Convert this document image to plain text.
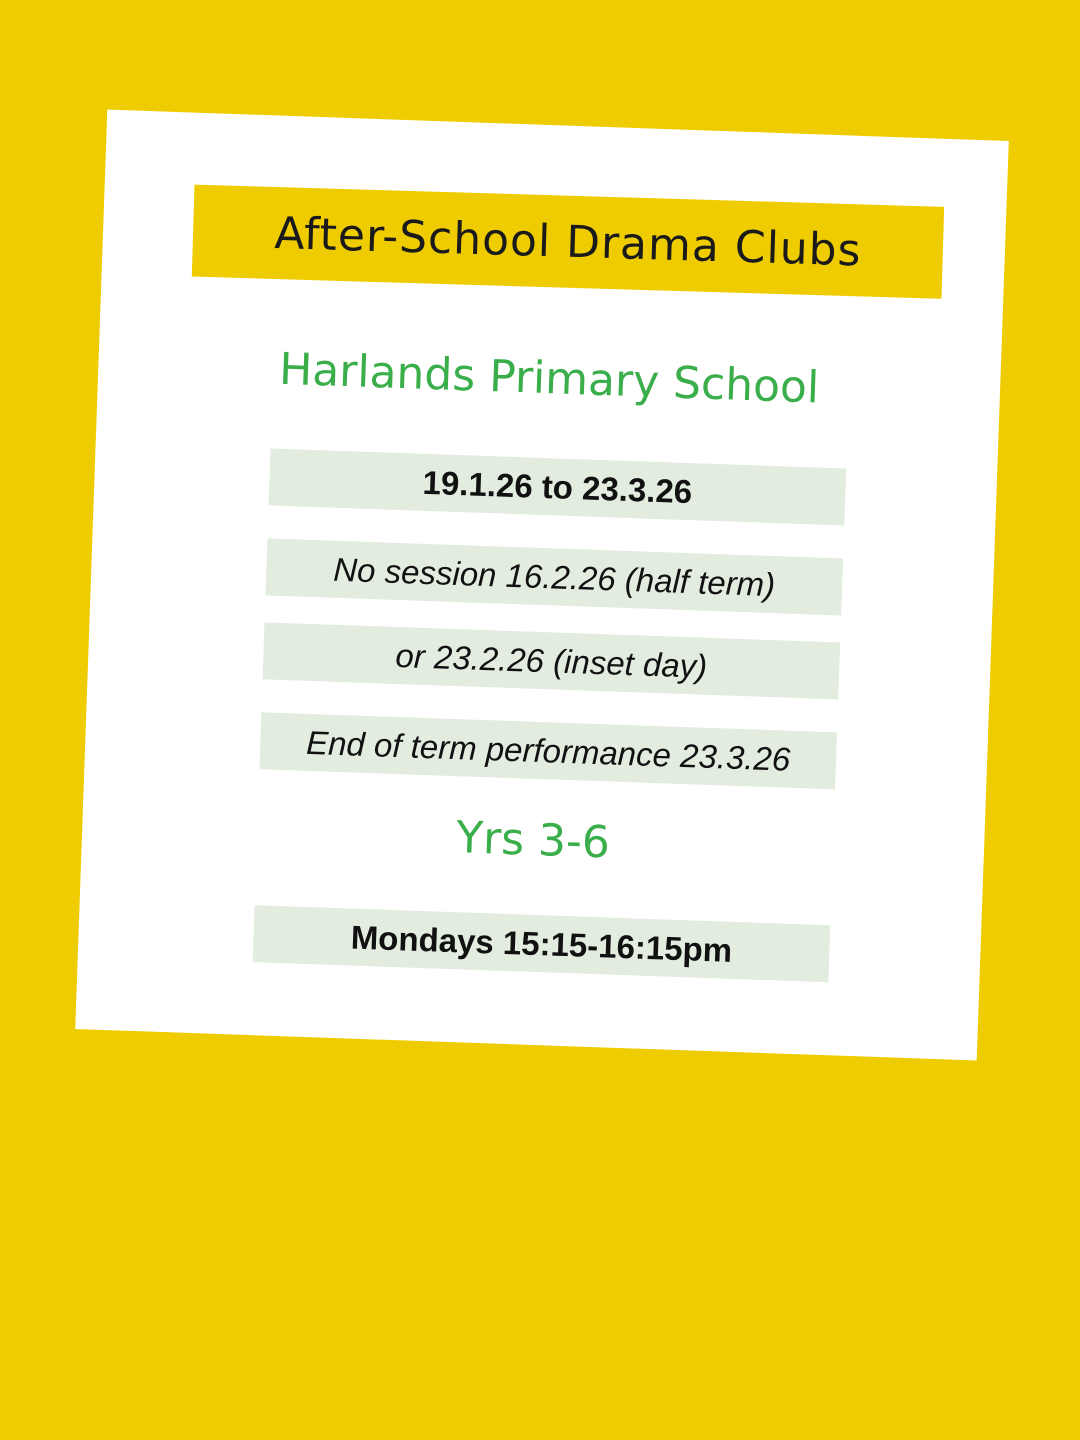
After-School Drama Clubs
Harlands Primary School
19.1.26 to 23.3.26
No session 16.2.26 (half term)
or 23.2.26 (inset day)
End of term performance 23.3.26
Yrs 3-6
Mondays 15:15-16:15pm
